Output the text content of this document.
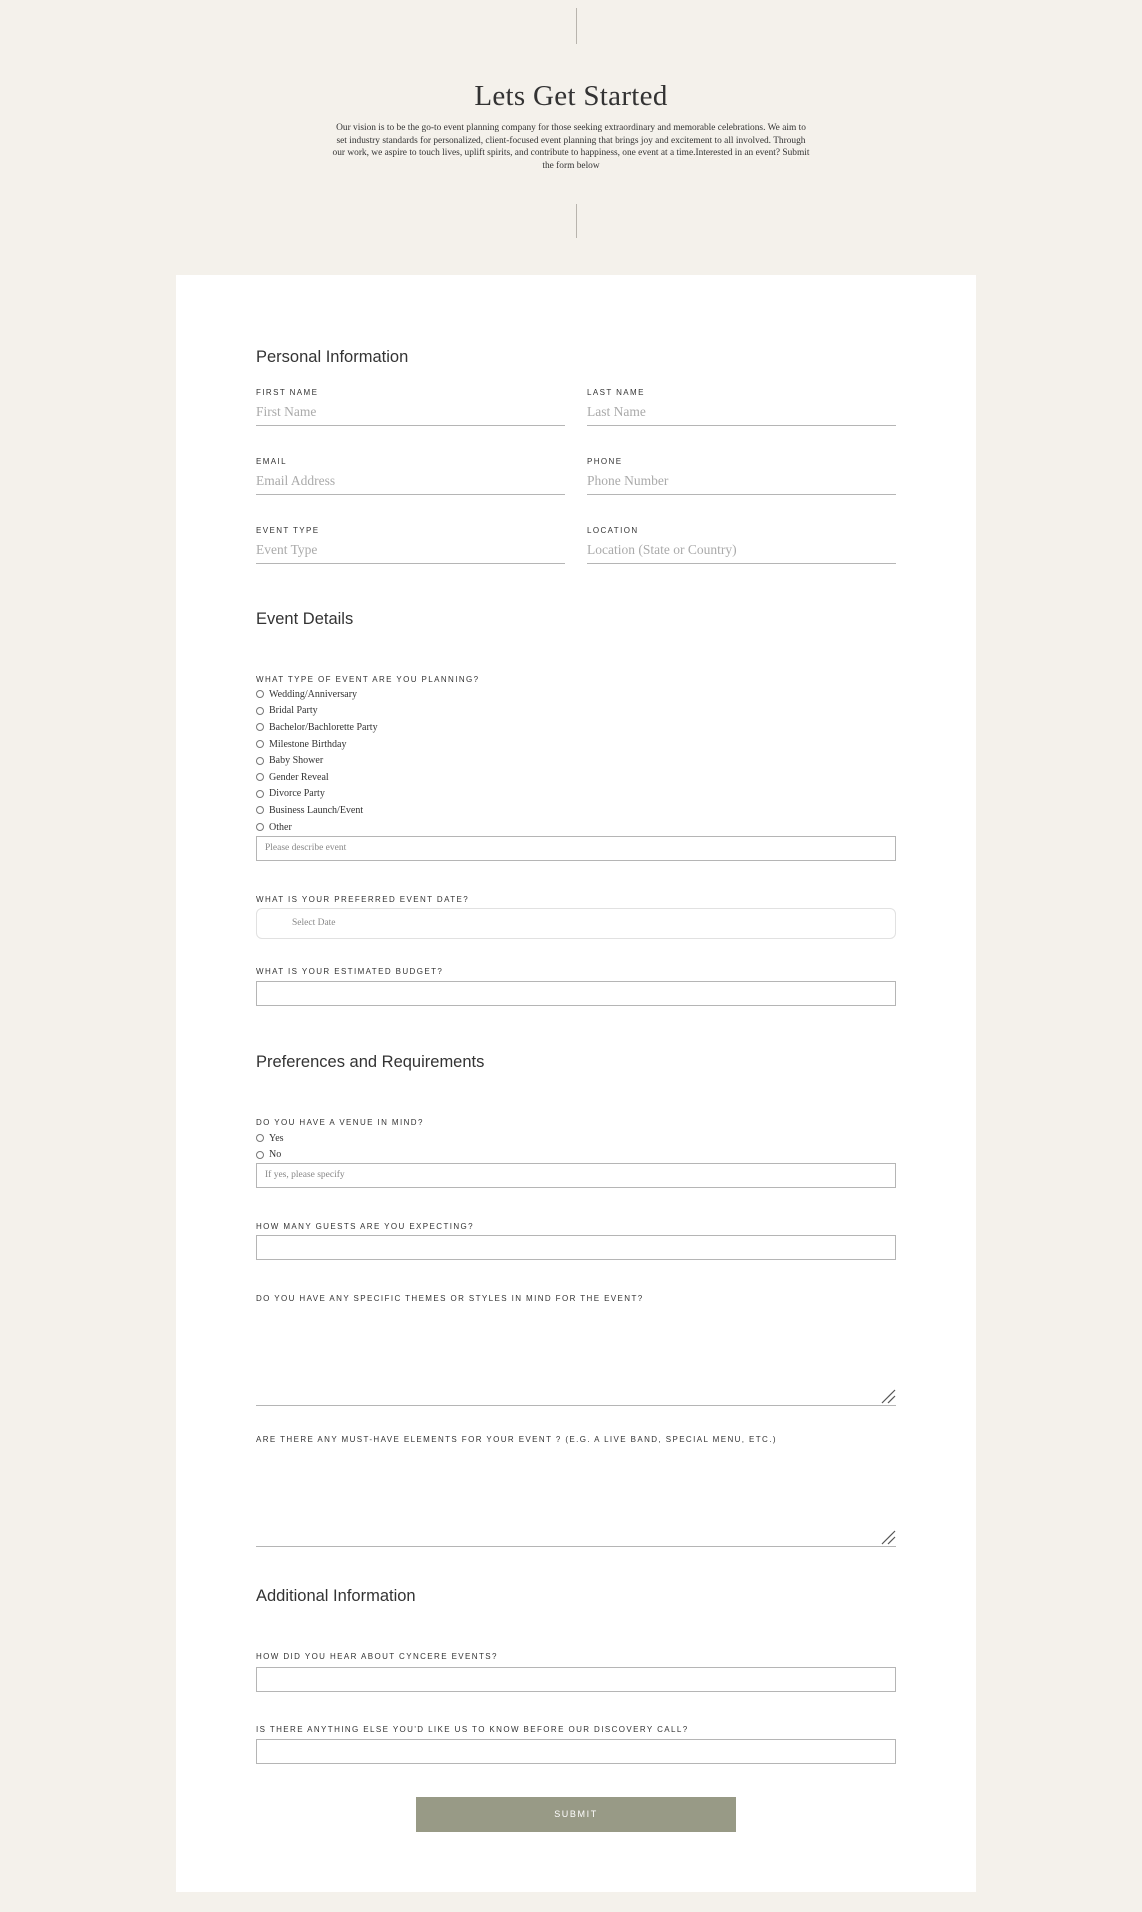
Lets Get Started

Our vision is to be the go-to event planning company for those seeking extraordinary and memorable celebrations. We aim to set industry standards for personalized, client-focused event planning that brings joy and excitement to all involved. Through our work, we aspire to touch lives, uplift spirits, and contribute to happiness, one event at a time.Interested in an event? Submit the form below

Personal Information
FIRST NAME
First Name
LAST NAME
Last Name
EMAIL
Email Address
PHONE
Phone Number
EVENT TYPE
Event Type
LOCATION
Location (State or Country)
Event Details
WHAT TYPE OF EVENT ARE YOU PLANNING?
Wedding/Anniversary
Bridal Party
Bachelor/Bachlorette Party
Milestone Birthday
Baby Shower
Gender Reveal
Divorce Party
Business Launch/Event
Other
Please describe event
WHAT IS YOUR PREFERRED EVENT DATE?
Select Date
WHAT IS YOUR ESTIMATED BUDGET?
Preferences and Requirements
DO YOU HAVE A VENUE IN MIND?
Yes
No
If yes, please specify
HOW MANY GUESTS ARE YOU EXPECTING?
DO YOU HAVE ANY SPECIFIC THEMES OR STYLES IN MIND FOR THE EVENT?
ARE THERE ANY MUST-HAVE ELEMENTS FOR YOUR EVENT ? (E.G. A LIVE BAND, SPECIAL MENU, ETC.)
Additional Information
HOW DID YOU HEAR ABOUT CYNCERE EVENTS?
IS THERE ANYTHING ELSE YOU'D LIKE US TO KNOW BEFORE OUR DISCOVERY CALL?
SUBMIT
